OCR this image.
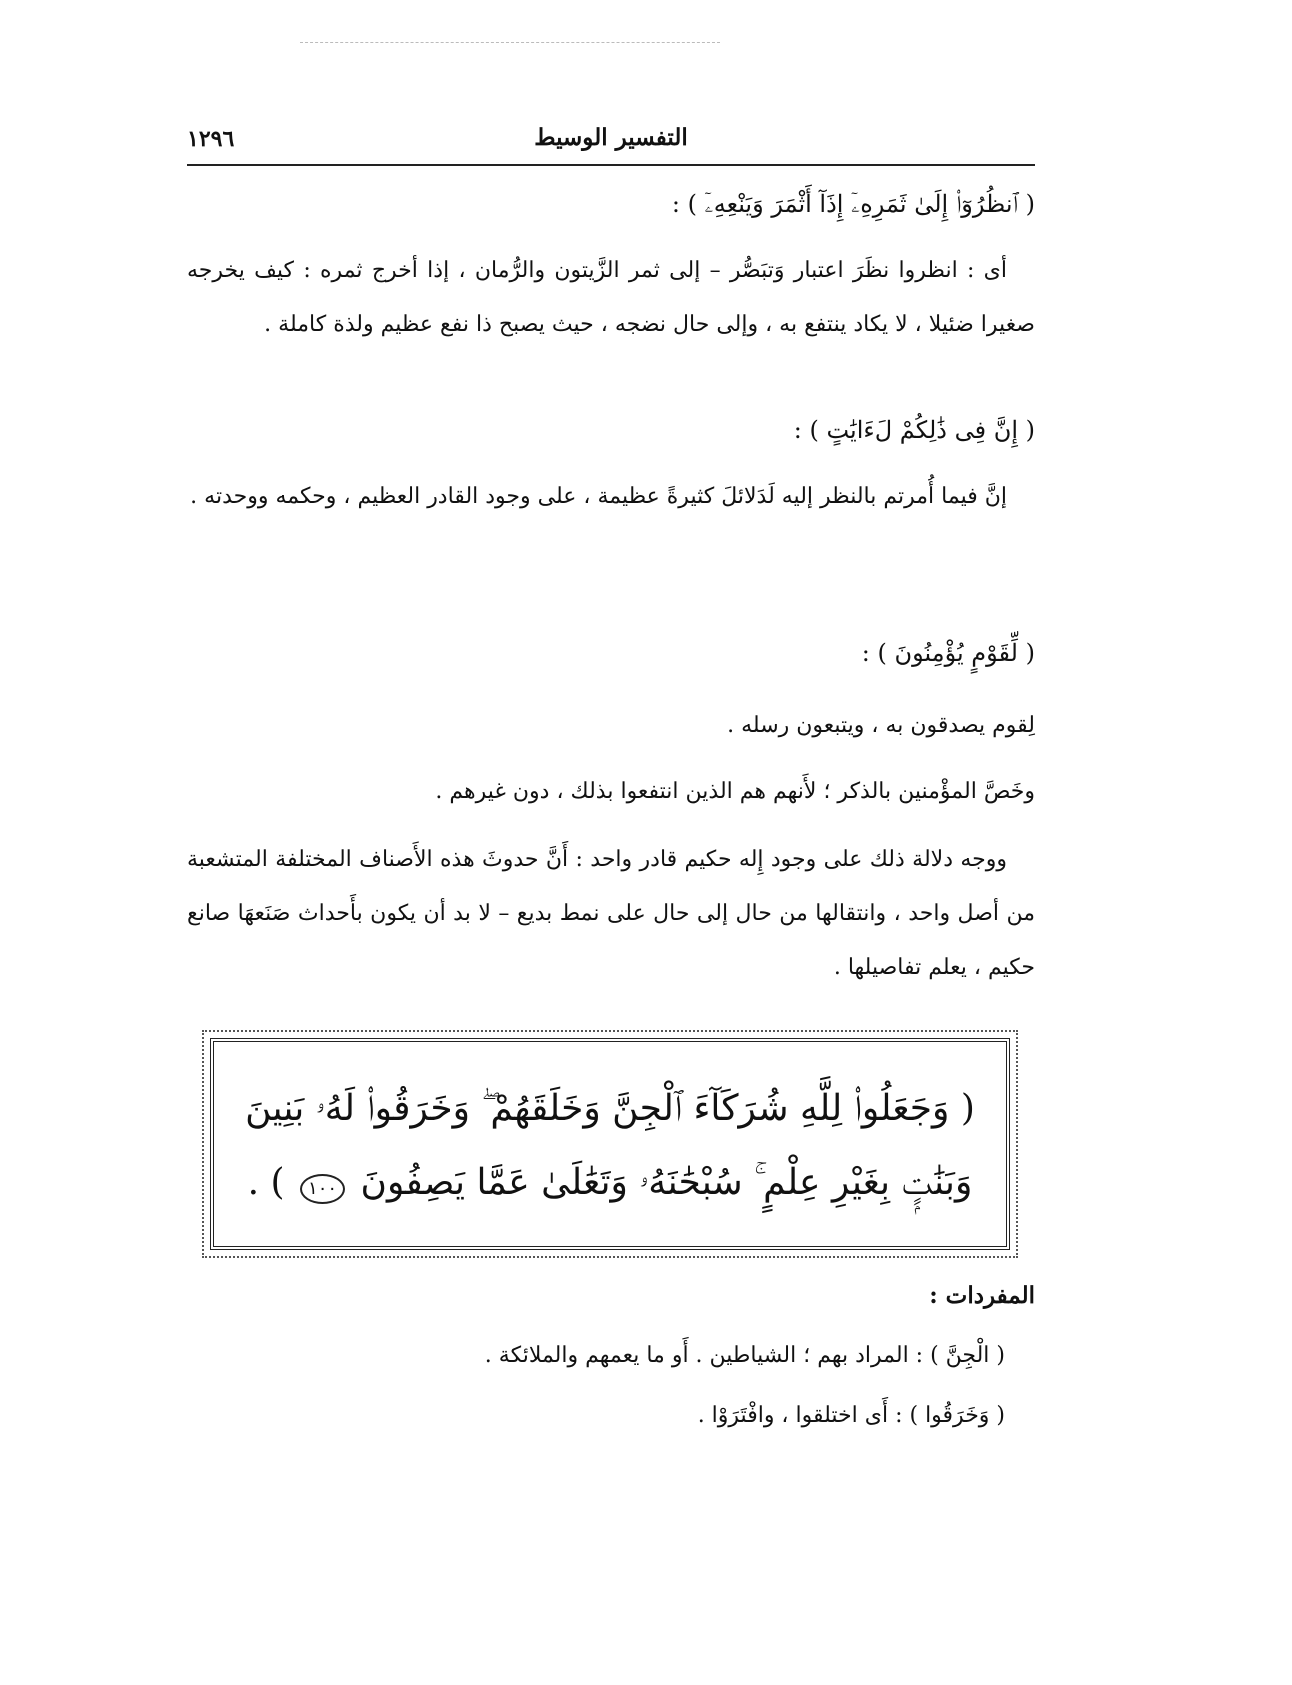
التفسير الوسيط
١٢٩٦
( ٱنظُرُوٓا۟ إِلَىٰ ثَمَرِهِۦٓ إِذَآ أَثْمَرَ وَيَنْعِهِۦٓ ) :
أى : انظروا نظَرَ اعتبار وَتبَصُّر – إلى ثمر الزَّيتون والرُّمان ، إذا أخرج ثمره : كيف يخرجه صغيرا ضئيلا ، لا يكاد ينتفع به ، وإلى حال نضجه ، حيث يصبح ذا نفع عظيم ولذة كاملة .
( إِنَّ فِى ذَٰلِكُمْ لَءَايَٰتٍ ) :
إنَّ فيما أُمرتم بالنظر إليه لَدَلائلَ كثيرةً عظيمة ، على وجود القادر العظيم ، وحكمه ووحدته .
( لِّقَوْمٍ يُؤْمِنُونَ ) :
لِقوم يصدقون به ، ويتبعون رسله .
وخَصَّ المؤْمنين بالذكر ؛ لأَنهم هم الذين انتفعوا بذلك ، دون غيرهم .
ووجه دلالة ذلك على وجود إِله حكيم قادر واحد : أَنَّ حدوثَ هذه الأَصناف المختلفة المتشعبة من أصل واحد ، وانتقالها من حال إلى حال على نمط بديع – لا بد أن يكون بأَحداث صَنَعهَا صانع حكيم ، يعلم تفاصيلها .
( وَجَعَلُوا۟ لِلَّهِ شُرَكَآءَ ٱلْجِنَّ وَخَلَقَهُمْ ۖ وَخَرَقُوا۟ لَهُۥ بَنِينَ
وَبَنَٰتٍۭ بِغَيْرِ عِلْمٍ ۚ سُبْحَٰنَهُۥ وَتَعَٰلَىٰ عَمَّا يَصِفُونَ ١٠٠ ) .
المفردات :
( الْجِنَّ ) : المراد بهم ؛ الشياطين . أَو ما يعمهم والملائكة .
( وَخَرَقُوا ) : أَى اختلقوا ، وافْتَرَوْا .
